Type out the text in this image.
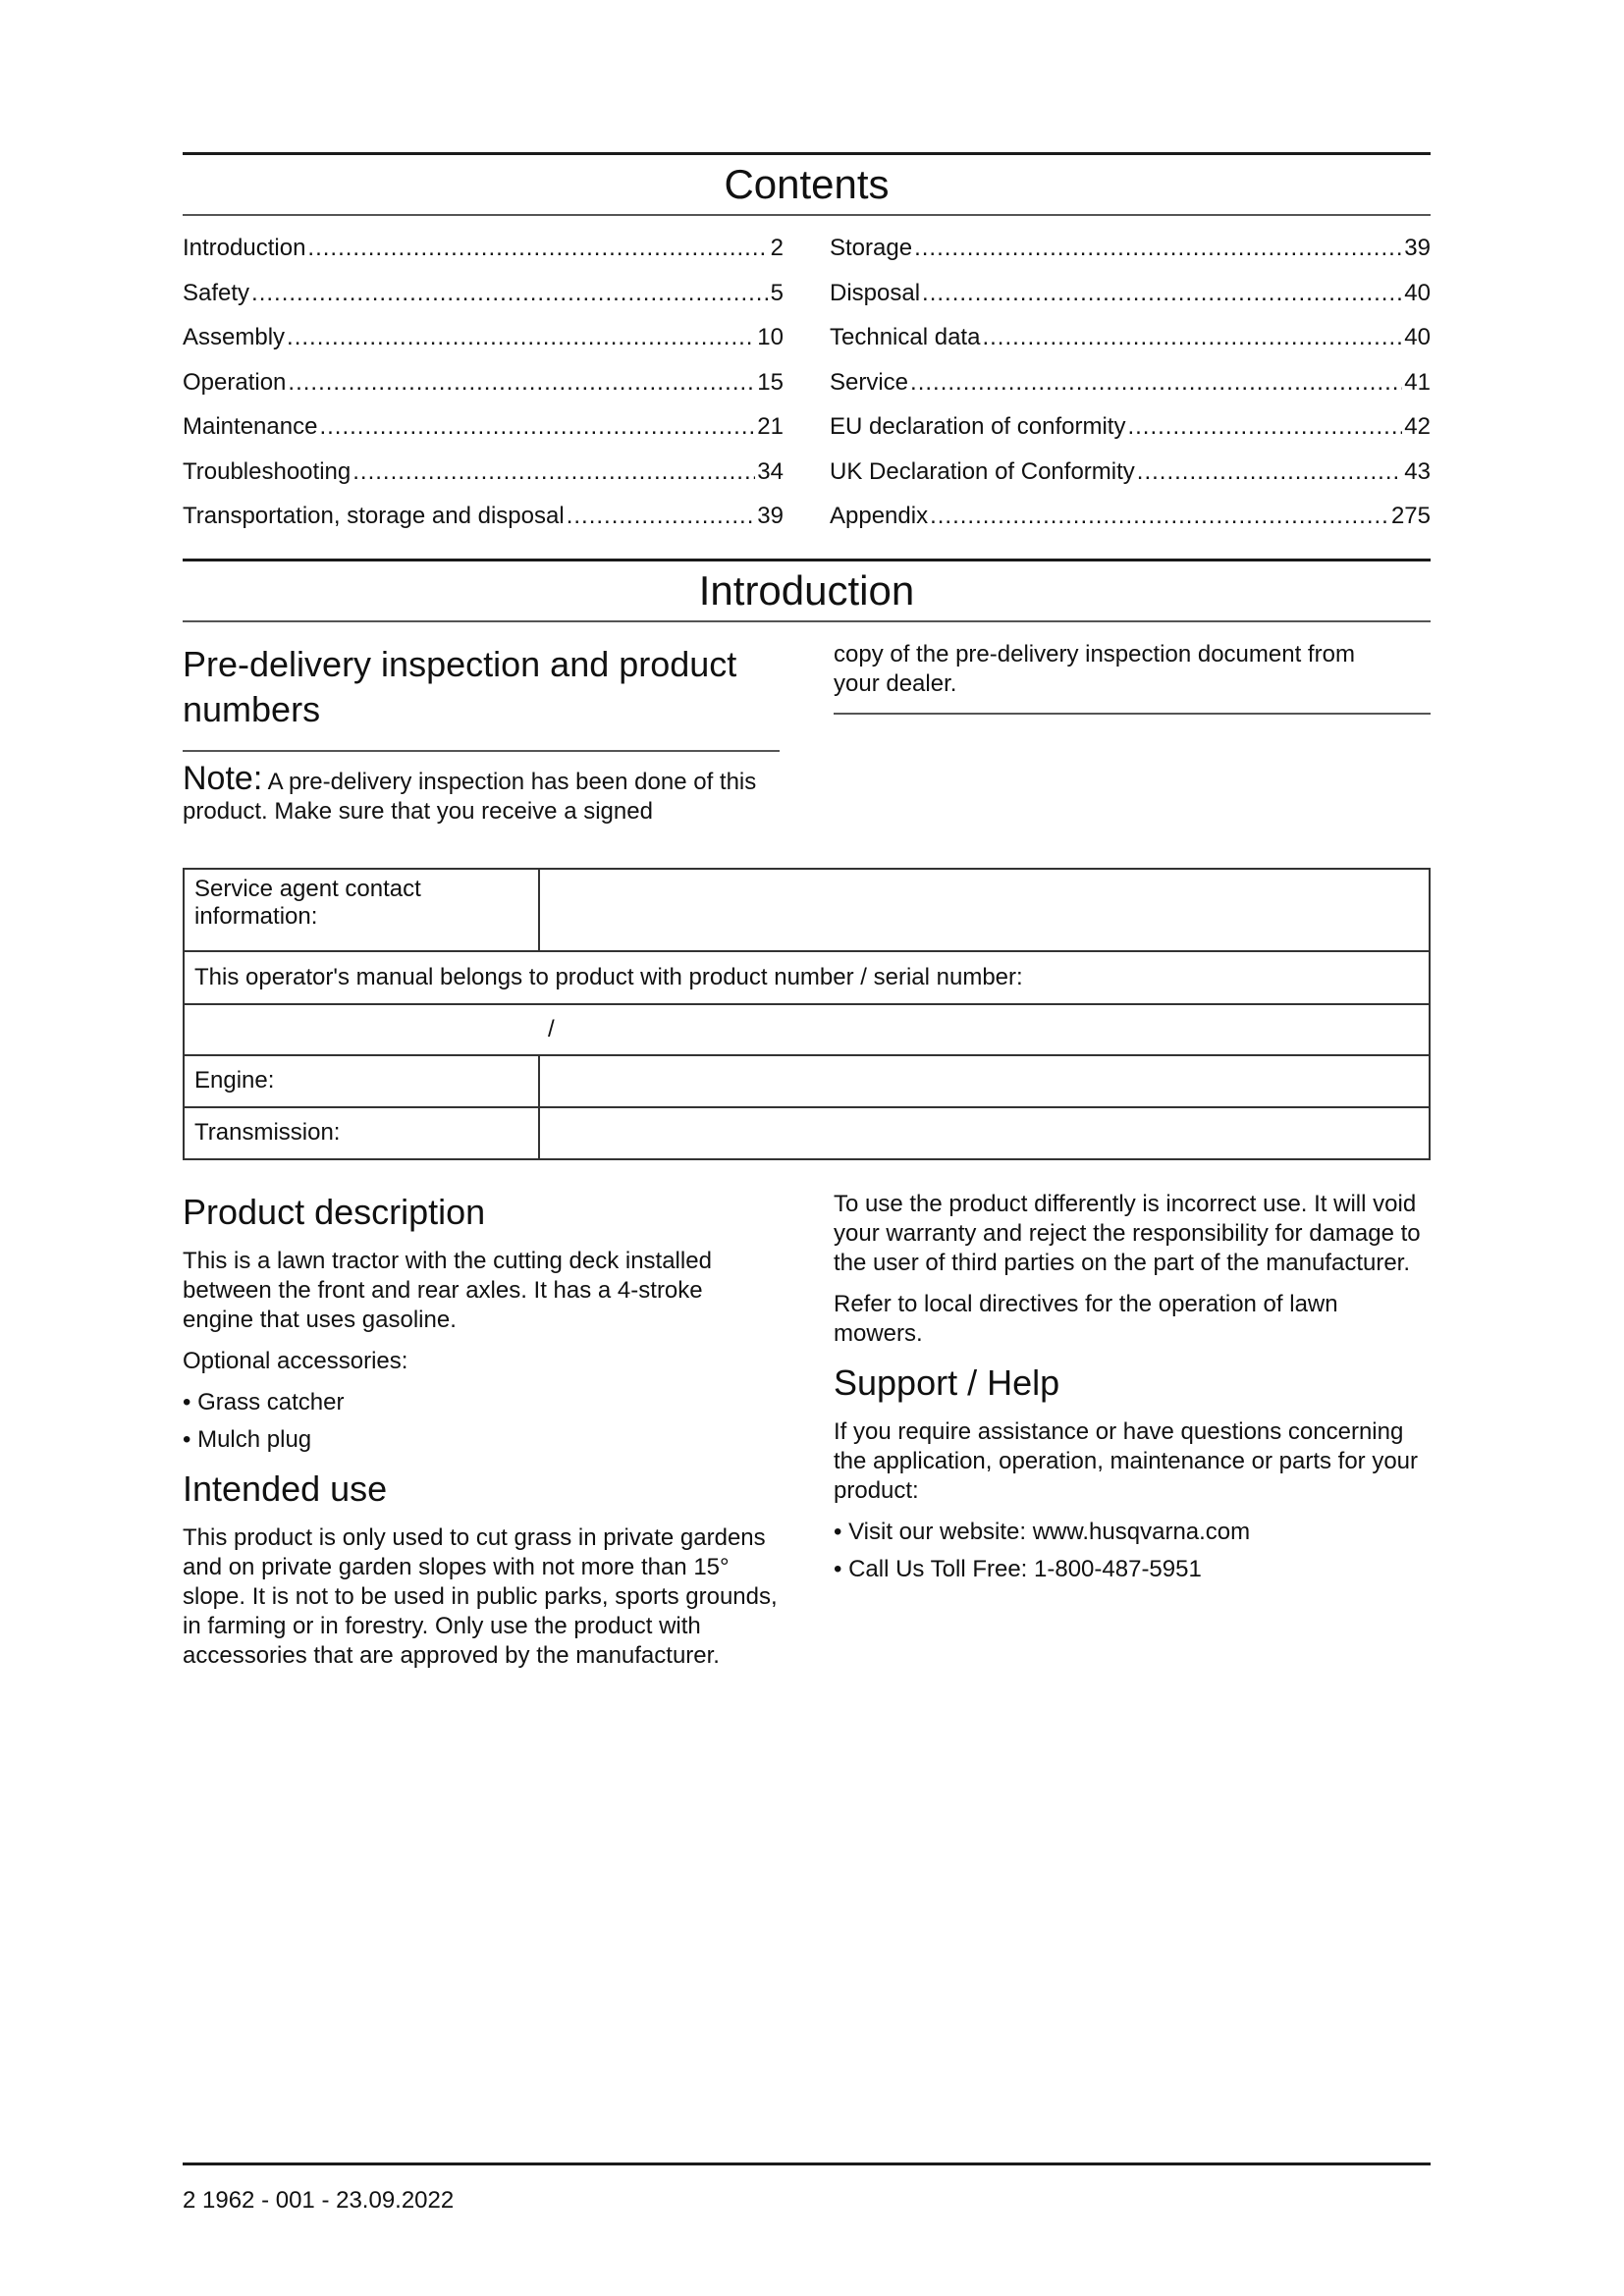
Contents
Introduction .....	2
Safety .....	5
Assembly .....	10
Operation .....	15
Maintenance .....	21
Troubleshooting .....	34
Transportation, storage and disposal .....	39
Storage .....	39
Disposal .....	40
Technical data .....	40
Service .....	41
EU declaration of conformity .....	42
UK Declaration of Conformity .....	43
Appendix .....	275
Introduction
Pre-delivery inspection and product numbers

Note: A pre-delivery inspection has been done of this product. Make sure that you receive a signed

copy of the pre-delivery inspection document from your dealer.

Service agent contact information:	
This operator's manual belongs to product with product number / serial number:	
/	
Engine:	
Transmission:	
Product description

This is a lawn tractor with the cutting deck installed between the front and rear axles. It has a 4-stroke engine that uses gasoline.

Optional accessories:

• Grass catcher
• Mulch plug
Intended use

This product is only used to cut grass in private gardens and on private garden slopes with not more than 15° slope. It is not to be used in public parks, sports grounds, in farming or in forestry. Only use the product with accessories that are approved by the manufacturer.

To use the product differently is incorrect use. It will void your warranty and reject the responsibility for damage to the user of third parties on the part of the manufacturer.

Refer to local directives for the operation of lawn mowers.

Support / Help

If you require assistance or have questions concerning the application, operation, maintenance or parts for your product:

• Visit our website: www.husqvarna.com
• Call Us Toll Free: 1-800-487-5951
2 1962 - 001 - 23.09.2022
